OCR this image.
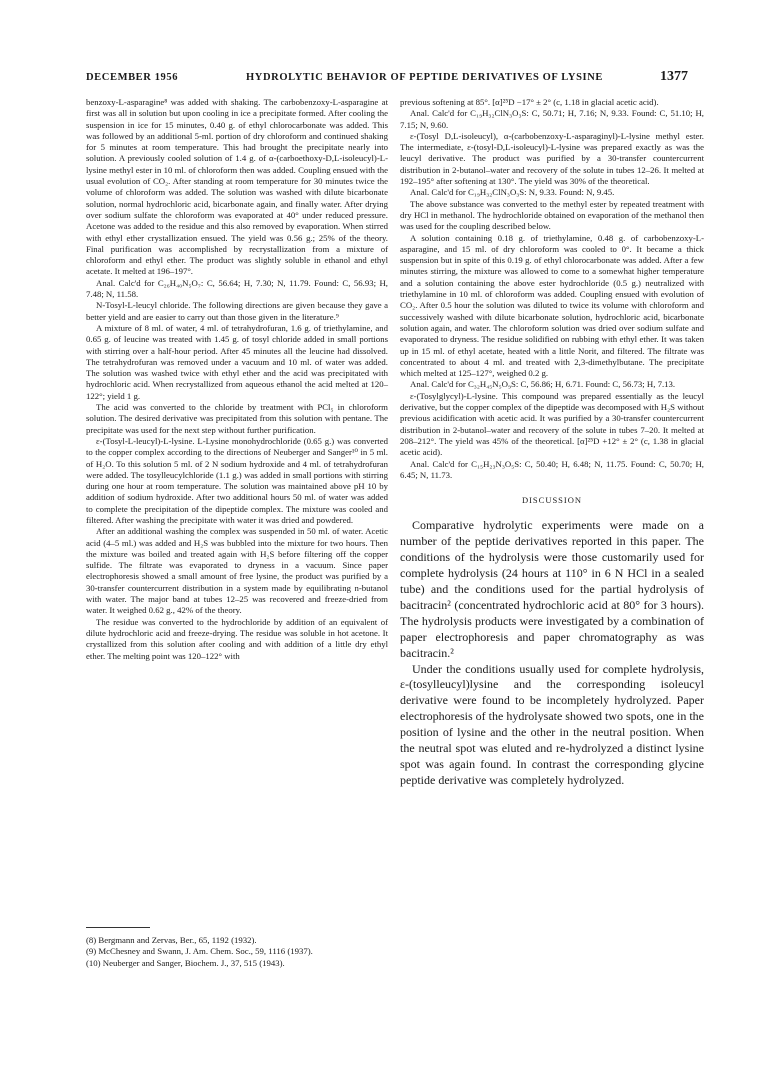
DECEMBER 1956	HYDROLYTIC BEHAVIOR OF PEPTIDE DERIVATIVES OF LYSINE	1377

benzoxy-L-asparagine⁸ was added with shaking. The carbobenzoxy-L-asparagine at first was all in solution but upon cooling in ice a precipitate formed. After cooling the suspension in ice for 15 minutes, 0.40 g. of ethyl chlorocarbonate was added. This was followed by an additional 5-ml. portion of dry chloroform and continued shaking for 5 minutes at room temperature. This had brought the precipitate nearly into solution. A previously cooled solution of 1.4 g. of α-(carboethoxy-D,L-isoleucyl)-L-lysine methyl ester in 10 ml. of chloroform then was added. Coupling ensued with the usual evolution of CO₂. After standing at room temperature for 30 minutes twice the volume of chloroform was added. The solution was washed with dilute bicarbonate solution, normal hydrochloric acid, bicarbonate again, and finally water. After drying over sodium sulfate the chloroform was evaporated at 40° under reduced pressure. Acetone was added to the residue and this also removed by evaporation. When stirred with ethyl ether crystallization ensued. The yield was 0.56 g.; 25% of the theory. Final purification was accomplished by recrystallization from a mixture of chloroform and ethyl ether. The product was slightly soluble in ethanol and ethyl acetate. It melted at 196–197°.

Anal. Calc'd for C₂₆H₄₀N₅O₇: C, 56.64; H, 7.30; N, 11.79. Found: C, 56.93; H, 7.48; N, 11.58.

N-Tosyl-L-leucyl chloride. The following directions are given because they gave a better yield and are easier to carry out than those given in the literature.⁹

A mixture of 8 ml. of water, 4 ml. of tetrahydrofuran, 1.6 g. of triethylamine, and 0.65 g. of leucine was treated with 1.45 g. of tosyl chloride added in small portions with stirring over a half-hour period. After 45 minutes all the leucine had dissolved. The tetrahydrofuran was removed under a vacuum and 10 ml. of water was added. The solution was washed twice with ethyl ether and the acid was precipitated with hydrochloric acid. When recrystallized from aqueous ethanol the acid melted at 120–122°; yield 1 g.

The acid was converted to the chloride by treatment with PCl₅ in chloroform solution. The desired derivative was precipitated from this solution with pentane. The precipitate was used for the next step without further purification.

ε-(Tosyl-L-leucyl)-L-lysine. L-Lysine monohydrochloride (0.65 g.) was converted to the copper complex according to the directions of Neuberger and Sanger¹⁰ in 5 ml. of H₂O. To this solution 5 ml. of 2 N sodium hydroxide and 4 ml. of tetrahydrofuran were added. The tosylleucylchloride (1.1 g.) was added in small portions with stirring during one hour at room temperature. The solution was maintained above pH 10 by addition of sodium hydroxide. After two additional hours 50 ml. of water was added to complete the precipitation of the dipeptide complex. The mixture was cooled and filtered. After washing the precipitate with water it was dried and powdered.

After an additional washing the complex was suspended in 50 ml. of water. Acetic acid (4–5 ml.) was added and H₂S was bubbled into the mixture for two hours. Then the mixture was boiled and treated again with H₂S before filtering off the copper sulfide. The filtrate was evaporated to dryness in a vacuum. Since paper electrophoresis showed a small amount of free lysine, the product was purified by a 30-transfer countercurrent distribution in a system made by equilibrating n-butanol with water. The major band at tubes 12–25 was recovered and freeze-dried from water. It weighed 0.62 g., 42% of the theory.

The residue was converted to the hydrochloride by addition of an equivalent of dilute hydrochloric acid and freeze-drying. The residue was soluble in hot acetone. It crystallized from this solution after cooling and with addition of a little dry ethyl ether. The melting point was 120–122° with

(8) Bergmann and Zervas, Ber., 65, 1192 (1932).

(9) McChesney and Swann, J. Am. Chem. Soc., 59, 1116 (1937).

(10) Neuberger and Sanger, Biochem. J., 37, 515 (1943).

previous softening at 85°. [α]²⁵D −17° ± 2° (c, 1.18 in glacial acetic acid).

Anal. Calc'd for C₁₉H₃₂ClN₃O₃S: C, 50.71; H, 7.16; N, 9.33. Found: C, 51.10; H, 7.15; N, 9.60.

ε-(Tosyl D,L-isoleucyl), α-(carbobenzoxy-L-asparaginyl)-L-lysine methyl ester. The intermediate, ε-(tosyl-D,L-isoleucyl)-L-lysine was prepared exactly as was the leucyl derivative. The product was purified by a 30-transfer countercurrent distribution in 2-butanol–water and recovery of the solute in tubes 12–26. It melted at 192–195° after softening at 130°. The yield was 30% of the theoretical.

Anal. Calc'd for C₁₉H₃₂ClN₃O₃S: N, 9.33. Found: N, 9.45.

The above substance was converted to the methyl ester by repeated treatment with dry HCl in methanol. The hydrochloride obtained on evaporation of the methanol then was used for the coupling described below.

A solution containing 0.18 g. of triethylamine, 0.48 g. of carbobenzoxy-L-asparagine, and 15 ml. of dry chloroform was cooled to 0°. It became a thick suspension but in spite of this 0.19 g. of ethyl chlorocarbonate was added. After a few minutes stirring, the mixture was allowed to come to a somewhat higher temperature and a solution containing the above ester hydrochloride (0.5 g.) neutralized with triethylamine in 10 ml. of chloroform was added. Coupling ensued with evolution of CO₂. After 0.5 hour the solution was diluted to twice its volume with chloroform and successively washed with dilute bicarbonate solution, hydrochloric acid, bicarbonate solution again, and water. The chloroform solution was dried over sodium sulfate and evaporated to dryness. The residue solidified on rubbing with ethyl ether. It was taken up in 15 ml. of ethyl acetate, heated with a little Norit, and filtered. The filtrate was concentrated to about 4 ml. and treated with 2,3-dimethylbutane. The precipitate which melted at 125–127°, weighed 0.2 g.

Anal. Calc'd for C₃₂H₄₅N₅O₉S: C, 56.86; H, 6.71. Found: C, 56.73; H, 7.13.

ε-(Tosylglycyl)-L-lysine. This compound was prepared essentially as the leucyl derivative, but the copper complex of the dipeptide was decomposed with H₂S without previous acidification with acetic acid. It was purified by a 30-transfer countercurrent distribution in 2-butanol–water and recovery of the solute in tubes 7–20. It melted at 208–212°. The yield was 45% of the theoretical. [α]²⁵D +12° ± 2° (c, 1.38 in glacial acetic acid).

Anal. Calc'd for C₁₅H₂₃N₃O₅S: C, 50.40; H, 6.48; N, 11.75. Found: C, 50.70; H, 6.45; N, 11.73.

DISCUSSION

Comparative hydrolytic experiments were made on a number of the peptide derivatives reported in this paper. The conditions of the hydrolysis were those customarily used for complete hydrolysis (24 hours at 110° in 6 N HCl in a sealed tube) and the conditions used for the partial hydrolysis of bacitracin² (concentrated hydrochloric acid at 80° for 3 hours). The hydrolysis products were investigated by a combination of paper electrophoresis and paper chromatography as was bacitracin.²

Under the conditions usually used for complete hydrolysis, ε-(tosylleucyl)lysine and the corresponding isoleucyl derivative were found to be incompletely hydrolyzed. Paper electrophoresis of the hydrolysate showed two spots, one in the position of lysine and the other in the neutral position. When the neutral spot was eluted and re-hydrolyzed a distinct lysine spot was again found. In contrast the corresponding glycine peptide derivative was completely hydrolyzed.
